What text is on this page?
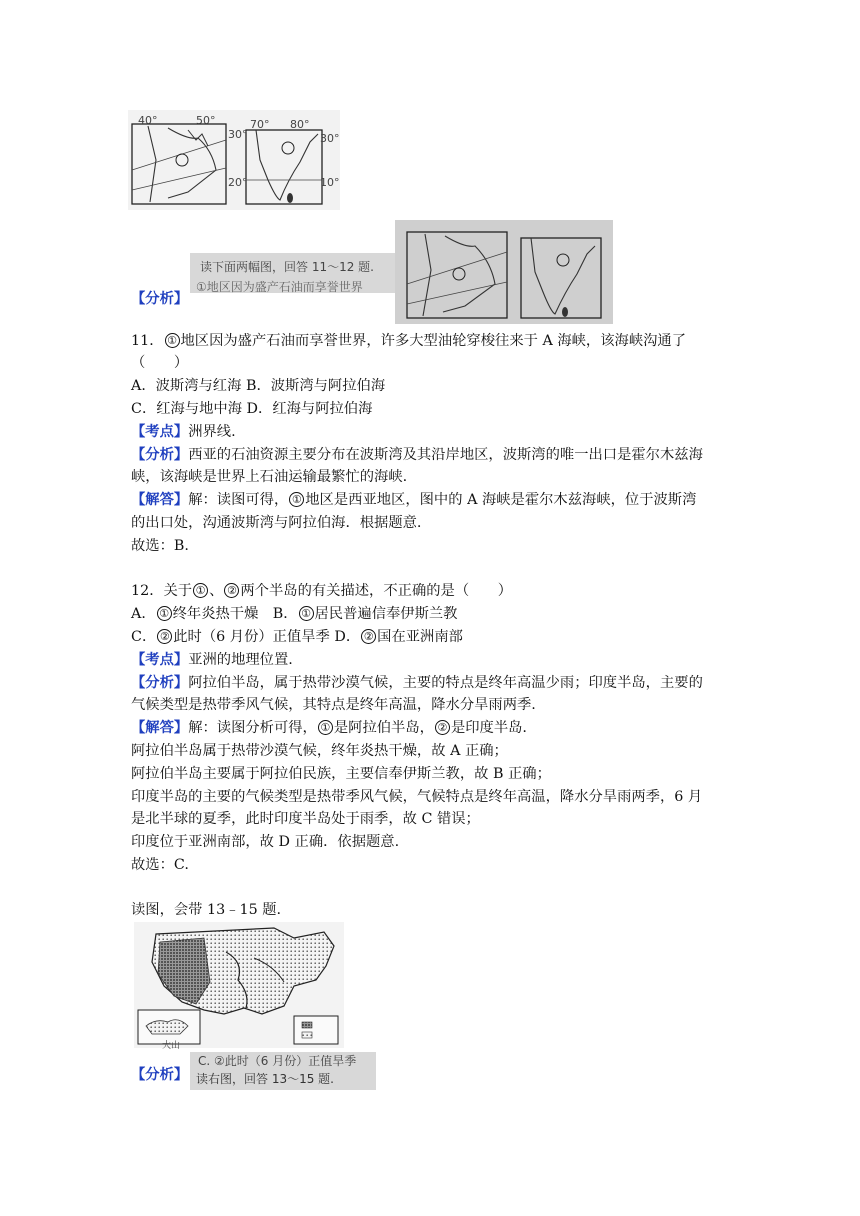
40°	50°
30°
20°
70° 80°
30°
10°
【分析】
读下面两幅图，回答 11～12 题.
①地区因为盛产石油而享誉世界
11． ① 地区因为盛产石油而享誉世界，许多大型油轮穿梭往来于 A 海峡，该海峡沟通了
（　　）
A．波斯湾与红海 B．波斯湾与阿拉伯海
C．红海与地中海 D．红海与阿拉伯海
【考点】洲界线.
【分析】西亚的石油资源主要分布在波斯湾及其沿岸地区，波斯湾的唯一出口是霍尔木兹海
峡，该海峡是世界上石油运输最繁忙的海峡.
【解答】解：读图可得， ① 地区是西亚地区，图中的 A 海峡是霍尔木兹海峡，位于波斯湾
的出口处，沟通波斯湾与阿拉伯海．根据题意.
故选：B.
12．关于 ① 、 ② 两个半岛的有关描述，不正确的是（　　）
A． ① 终年炎热干燥　B． ① 居民普遍信奉伊斯兰教
C． ② 此时（6 月份）正值旱季 D． ② 国在亚洲南部
【考点】亚洲的地理位置.
【分析】阿拉伯半岛，属于热带沙漠气候，主要的特点是终年高温少雨；印度半岛，主要的
气候类型是热带季风气候，其特点是终年高温，降水分旱雨两季.
【解答】解：读图分析可得， ① 是阿拉伯半岛， ② 是印度半岛.
阿拉伯半岛属于热带沙漠气候，终年炎热干燥，故 A 正确；
阿拉伯半岛主要属于阿拉伯民族，主要信奉伊斯兰教，故 B 正确；
印度半岛的主要的气候类型是热带季风气候，气候特点是终年高温，降水分旱雨两季，6 月
是北半球的夏季，此时印度半岛处于雨季，故 C 错误；
印度位于亚洲南部，故 D 正确．依据题意.
故选：C.
读图，会带 13﹣15 题.
大山
【分析】
C. ②此时（6 月份）正值旱季
读右图，回答 13～15 题.
